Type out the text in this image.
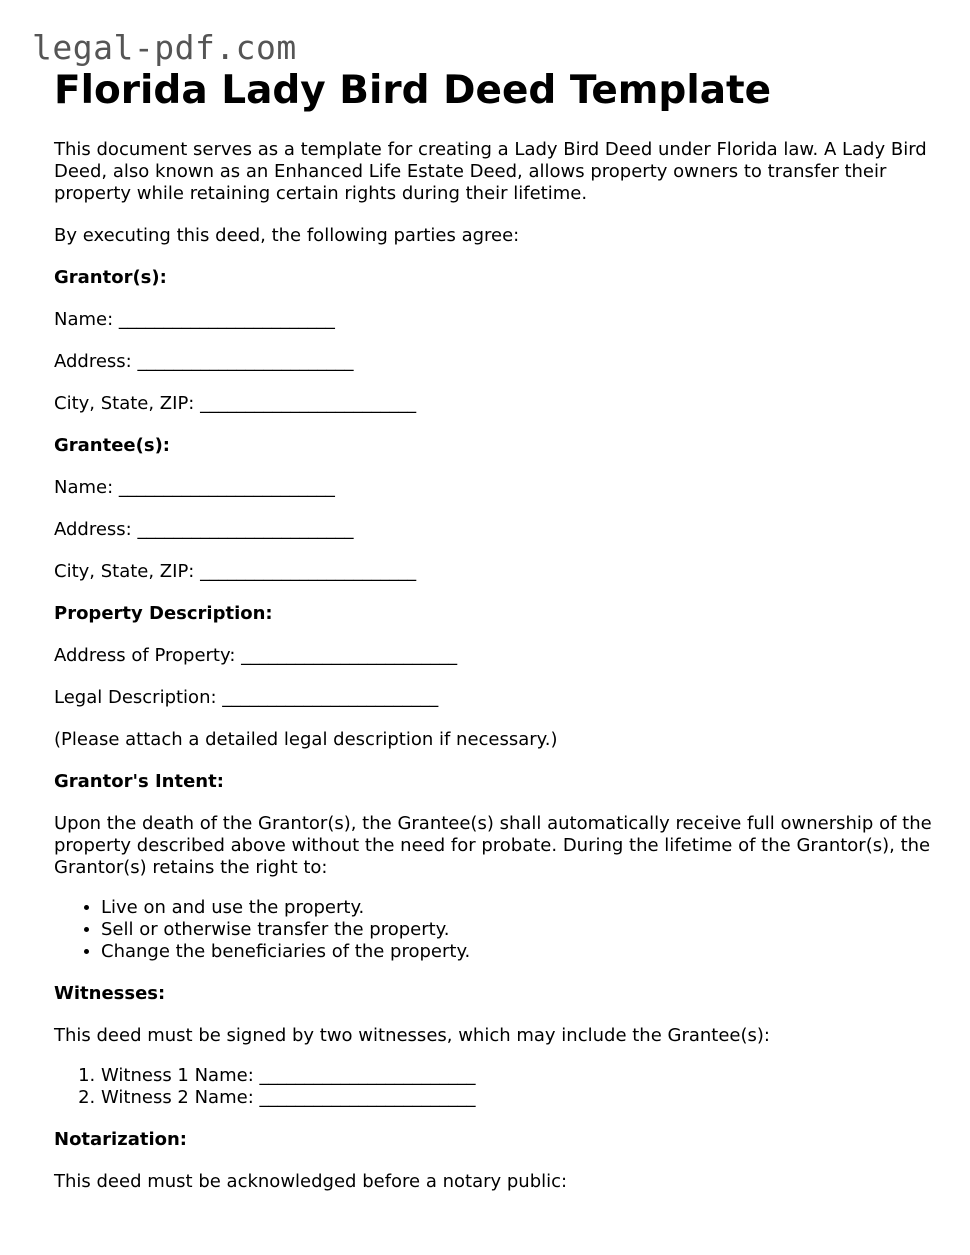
legal-pdf.com
Florida Lady Bird Deed Template

This document serves as a template for creating a Lady Bird Deed under Florida law. A Lady Bird Deed, also known as an Enhanced Life Estate Deed, allows property owners to transfer their property while retaining certain rights during their lifetime.

By executing this deed, the following parties agree:

Grantor(s):

Name: ________________________

Address: ________________________

City, State, ZIP: ________________________

Grantee(s):

Name: ________________________

Address: ________________________

City, State, ZIP: ________________________

Property Description:

Address of Property: ________________________

Legal Description: ________________________

(Please attach a detailed legal description if necessary.)

Grantor's Intent:

Upon the death of the Grantor(s), the Grantee(s) shall automatically receive full ownership of the property described above without the need for probate. During the lifetime of the Grantor(s), the Grantor(s) retains the right to:

• Live on and use the property.
• Sell or otherwise transfer the property.
• Change the beneficiaries of the property.

Witnesses:

This deed must be signed by two witnesses, which may include the Grantee(s):

1. Witness 1 Name: ________________________
2. Witness 2 Name: ________________________

Notarization:

This deed must be acknowledged before a notary public:
